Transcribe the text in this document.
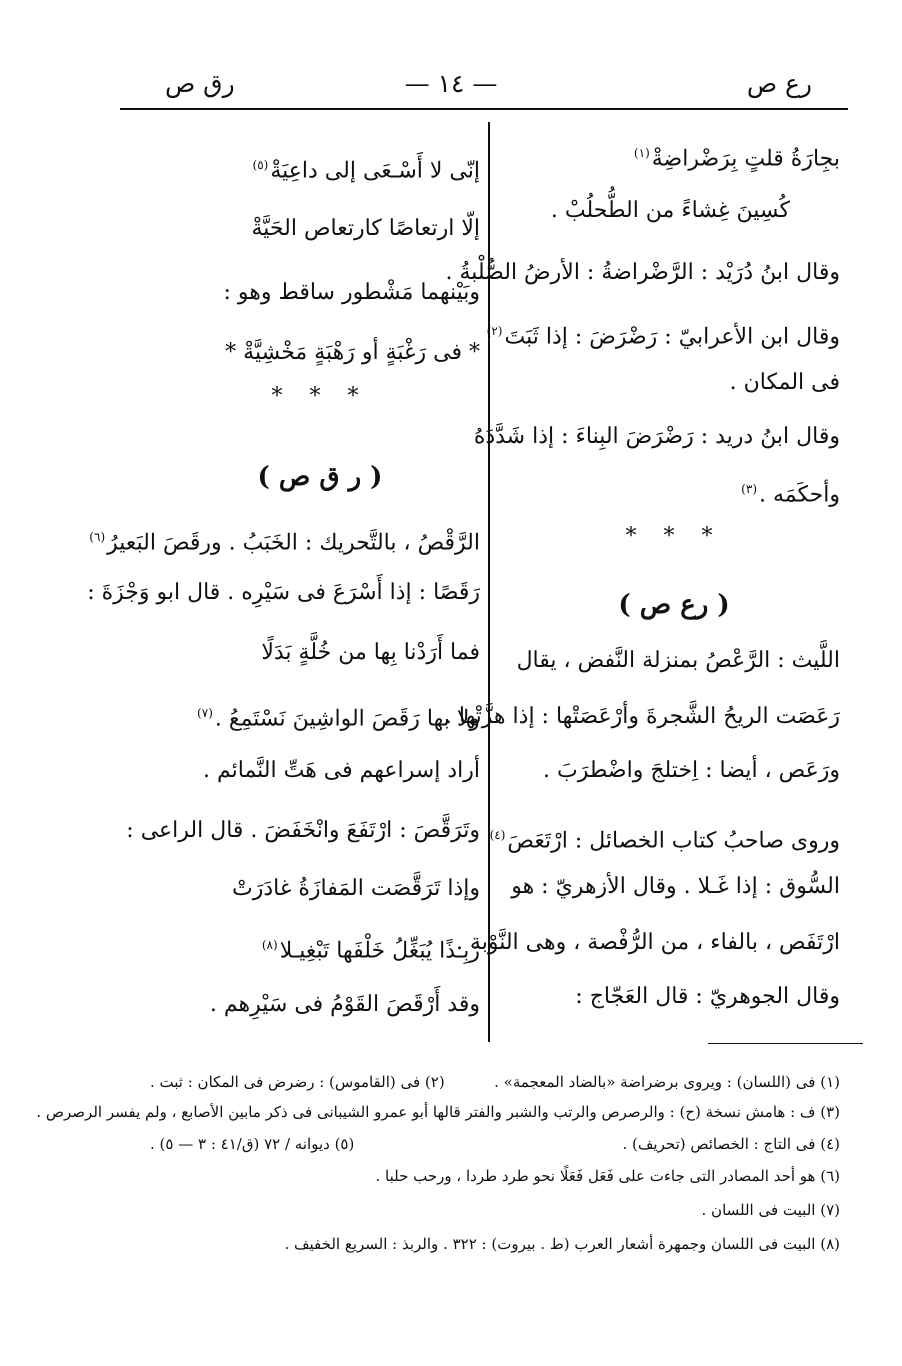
رع ص
— ١٤ —
رق ص
بجِارَةُ قلتٍ بِرَضْراضِةْ$^{(١)}$
كُسِينَ غِشاءً من الطُّحلُبْ .
وقال ابنُ دُرَيْد : الرَّضْراضةُ : الأرضُ الصُّلْبةُ .
وقال ابن الأعرابيّ : رَضْرَضَ : إذا ثَبَتَ$^{(٢)}$
فى المكان .
وقال ابنُ دريد : رَضْرَضَ البِناءَ : إذا شَدَّدَهُ
وأحكَمَه .$^{(٣)}$
* * *
( رع ص )
اللَّيث : الرَّعْصُ بمنزلة النَّفض ، يقال
رَعَصَت الريحُ الشَّجرةَ وأرْعَصَتْها : إذا هزَّتْها .
ورَعَص ، أيضا : اِختلجَ واضْطرَبَ .
وروى صاحبُ كتاب الخصائل : ارْتَعَصَ$^{(٤)}$
السُّوق : إذا غَـلا . وقال الأزهريّ : هو
ارْتَفَص ، بالفاء ، من الرُّفْصة ، وهى النَّوْبة .
وقال الجوهريّ : قال العَجّاج :
إنّى لا أَسْـعَى إلى داعِيَةْ$^{(٥)}$
إلّا ارتعاصًا كارتعاص الحَيَّةْ
وبَيْنهما مَشْطور ساقط وهو :
* فى رَغْبَةٍ أو رَهْبَةٍ مَخْشِيَّةْ *
* * *
( ر ق ص )
الرَّقْصُ ، بالتَّحريك : الخَبَبُ . ورقَصَ البَعيرُ$^{(٦)}$
رَقَصًا : إذا أَسْرَعَ فى سَيْرِه . قال ابو وَجْزَةَ :
فما أَرَدْنا بِها من خُلَّةٍ بَدَلًا
ولا بها رَقَصَ الواشِينَ نَسْتَمِعُ .$^{(٧)}$
أراد إسراعهم فى هَتِّ النَّمائم .
وتَرَقَّصَ : ارْتَفَعَ وانْخَفَضَ . قال الراعى :
وإذا تَرَقَّصَت المَفازَةُ غادَرَتْ
رَبِـذًا يُبَغِّلُ خَلْفَها تَبْغِيـلا$^{(٨)}$
وقد أَرْقَصَ القَوْمُ فى سَيْرِهم .
(١) فى (اللسان) : ويروى برضراضة «بالضاد المعجمة» .
(٢) فى (القاموس) : رضرض فى المكان : ثبت .
(٣) ف : هامش نسخة (ح) : والرصرص والرتب والشبر والفتر قالها أبو عمرو الشيبانى فى ذكر مابين الأصابع ، ولم يفسر الرصرص .
(٤) فى التاج : الخصائص (تحريف) .
(٥) ديوانه / ٧٢ (ق/٤١ : ٣ — ٥) .
(٦) هو أحد المصادر التى جاءت على فَعَل فَعَلًا نحو طرد طردا ، ورحب حلبا .
(٧) البيت فى اللسان .
(٨) البيت فى اللسان وجمهرة أشعار العرب (ط . بيروت) : ٣٢٢ . والربذ : السريع الخفيف .
